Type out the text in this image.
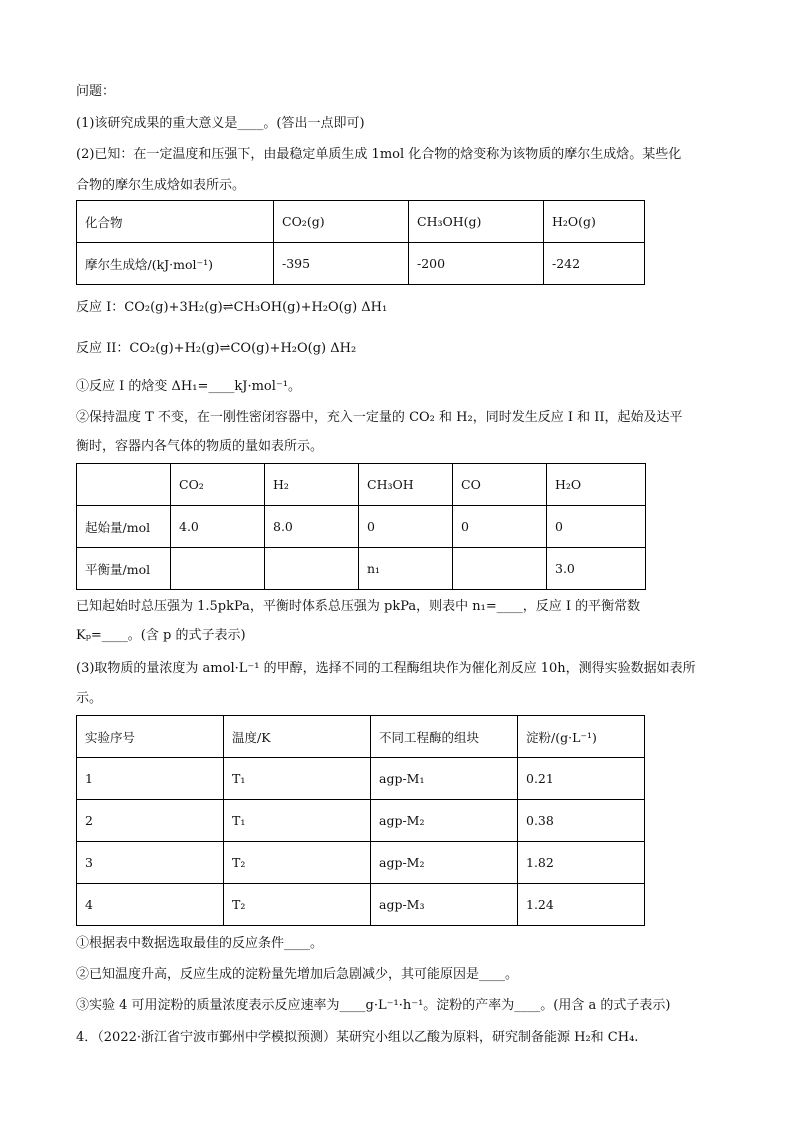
问题：
(1)该研究成果的重大意义是____。(答出一点即可)
(2)已知：在一定温度和压强下，由最稳定单质生成 1mol 化合物的焓变称为该物质的摩尔生成焓。某些化
合物的摩尔生成焓如表所示。
化合物	CO₂(g)	CH₃OH(g)	H₂O(g)
摩尔生成焓/(kJ·mol⁻¹)	-395	-200	-242
反应 I：CO₂(g)+3H₂(g)⇌CH₃OH(g)+H₂O(g) ΔH₁
反应 II：CO₂(g)+H₂(g)⇌CO(g)+H₂O(g) ΔH₂
①反应 I 的焓变 ΔH₁=____kJ·mol⁻¹。
②保持温度 T 不变，在一刚性密闭容器中，充入一定量的 CO₂ 和 H₂，同时发生反应 I 和 II，起始及达平
衡时，容器内各气体的物质的量如表所示。
	CO₂	H₂	CH₃OH	CO	H₂O
起始量/mol	4.0	8.0	0	0	0
平衡量/mol			n₁		3.0
已知起始时总压强为 1.5pkPa，平衡时体系总压强为 pkPa，则表中 n₁=____，反应 I 的平衡常数
Kₚ=____。(含 p 的式子表示)
(3)取物质的量浓度为 amol·L⁻¹ 的甲醇，选择不同的工程酶组块作为催化剂反应 10h，测得实验数据如表所
示。
实验序号	温度/K	不同工程酶的组块	淀粉/(g·L⁻¹)
1	T₁	agp-M₁	0.21
2	T₁	agp-M₂	0.38
3	T₂	agp-M₂	1.82
4	T₂	agp-M₃	1.24
①根据表中数据选取最佳的反应条件____。
②已知温度升高，反应生成的淀粉量先增加后急剧减少，其可能原因是____。
③实验 4 可用淀粉的质量浓度表示反应速率为____g·L⁻¹·h⁻¹。淀粉的产率为____。(用含 a 的式子表示)
4．（2022·浙江省宁波市鄞州中学模拟预测）某研究小组以乙酸为原料，研究制备能源 H₂和 CH₄.
